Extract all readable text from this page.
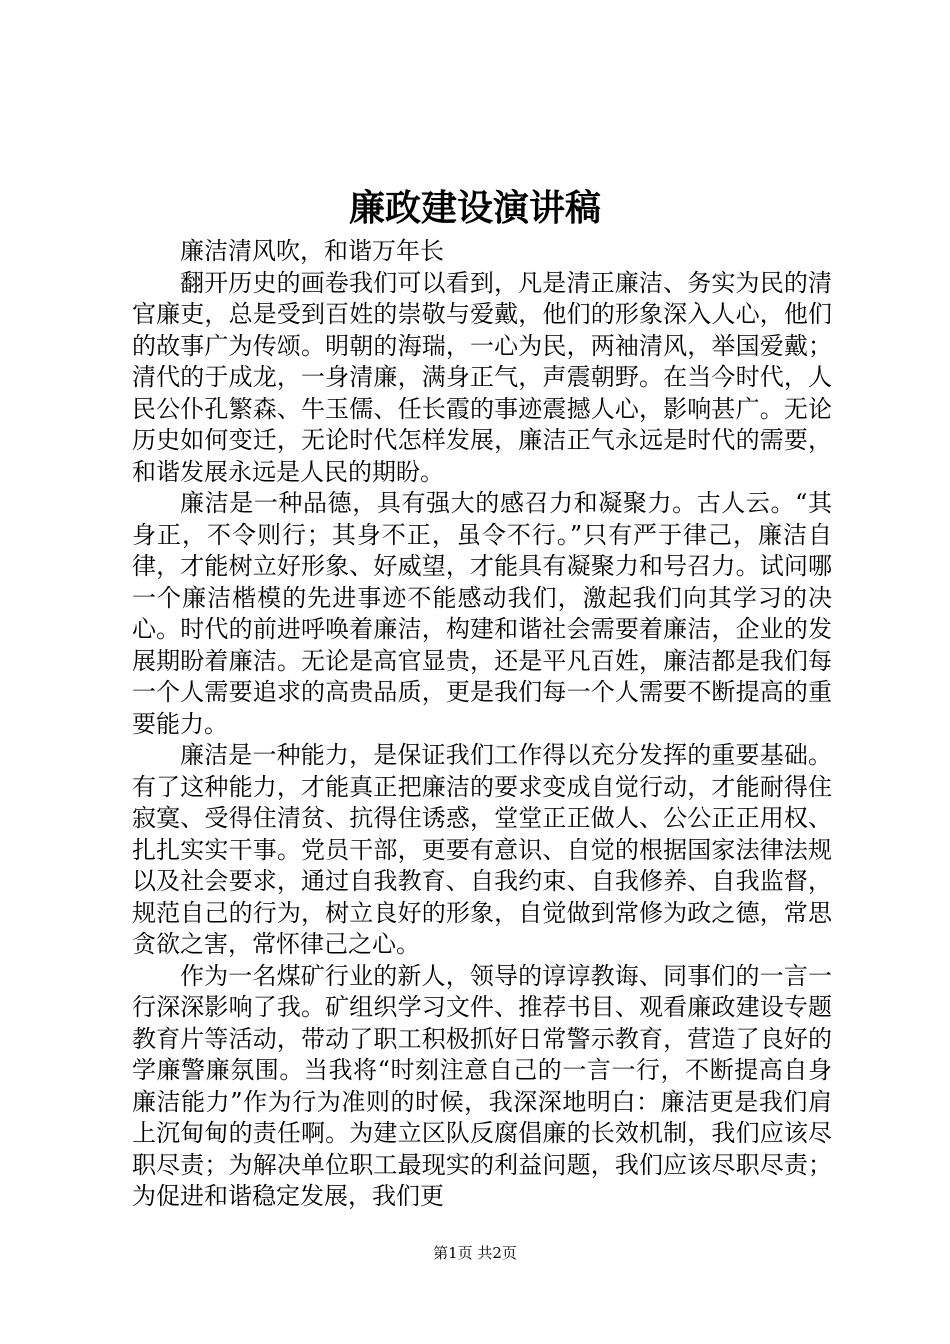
廉政建设演讲稿

廉洁清风吹，和谐万年长

翻开历史的画卷我们可以看到，凡是清正廉洁、务实为民的清官廉吏，总是受到百姓的崇敬与爱戴，他们的形象深入人心，他们的故事广为传颂。明朝的海瑞，一心为民，两袖清风，举国爱戴；清代的于成龙，一身清廉，满身正气，声震朝野。在当今时代，人民公仆孔繁森、牛玉儒、任长霞的事迹震撼人心，影响甚广。无论历史如何变迁，无论时代怎样发展，廉洁正气永远是时代的需要，和谐发展永远是人民的期盼。

廉洁是一种品德，具有强大的感召力和凝聚力。古人云。“其身正，不令则行；其身不正，虽令不行。”只有严于律己，廉洁自律，才能树立好形象、好威望，才能具有凝聚力和号召力。试问哪一个廉洁楷模的先进事迹不能感动我们，激起我们向其学习的决心。时代的前进呼唤着廉洁，构建和谐社会需要着廉洁，企业的发展期盼着廉洁。无论是高官显贵，还是平凡百姓，廉洁都是我们每一个人需要追求的高贵品质，更是我们每一个人需要不断提高的重要能力。

廉洁是一种能力，是保证我们工作得以充分发挥的重要基础。有了这种能力，才能真正把廉洁的要求变成自觉行动，才能耐得住寂寞、受得住清贫、抗得住诱惑，堂堂正正做人、公公正正用权、扎扎实实干事。党员干部，更要有意识、自觉的根据国家法律法规以及社会要求，通过自我教育、自我约束、自我修养、自我监督，规范自己的行为，树立良好的形象，自觉做到常修为政之德，常思贪欲之害，常怀律己之心。

作为一名煤矿行业的新人，领导的谆谆教诲、同事们的一言一行深深影响了我。矿组织学习文件、推荐书目、观看廉政建设专题教育片等活动，带动了职工积极抓好日常警示教育，营造了良好的学廉警廉氛围。当我将“时刻注意自己的一言一行，不断提高自身廉洁能力”作为行为准则的时候，我深深地明白：廉洁更是我们肩上沉甸甸的责任啊。为建立区队反腐倡廉的长效机制，我们应该尽职尽责；为解决单位职工最现实的利益问题，我们应该尽职尽责；为促进和谐稳定发展，我们更

第1页 共2页
